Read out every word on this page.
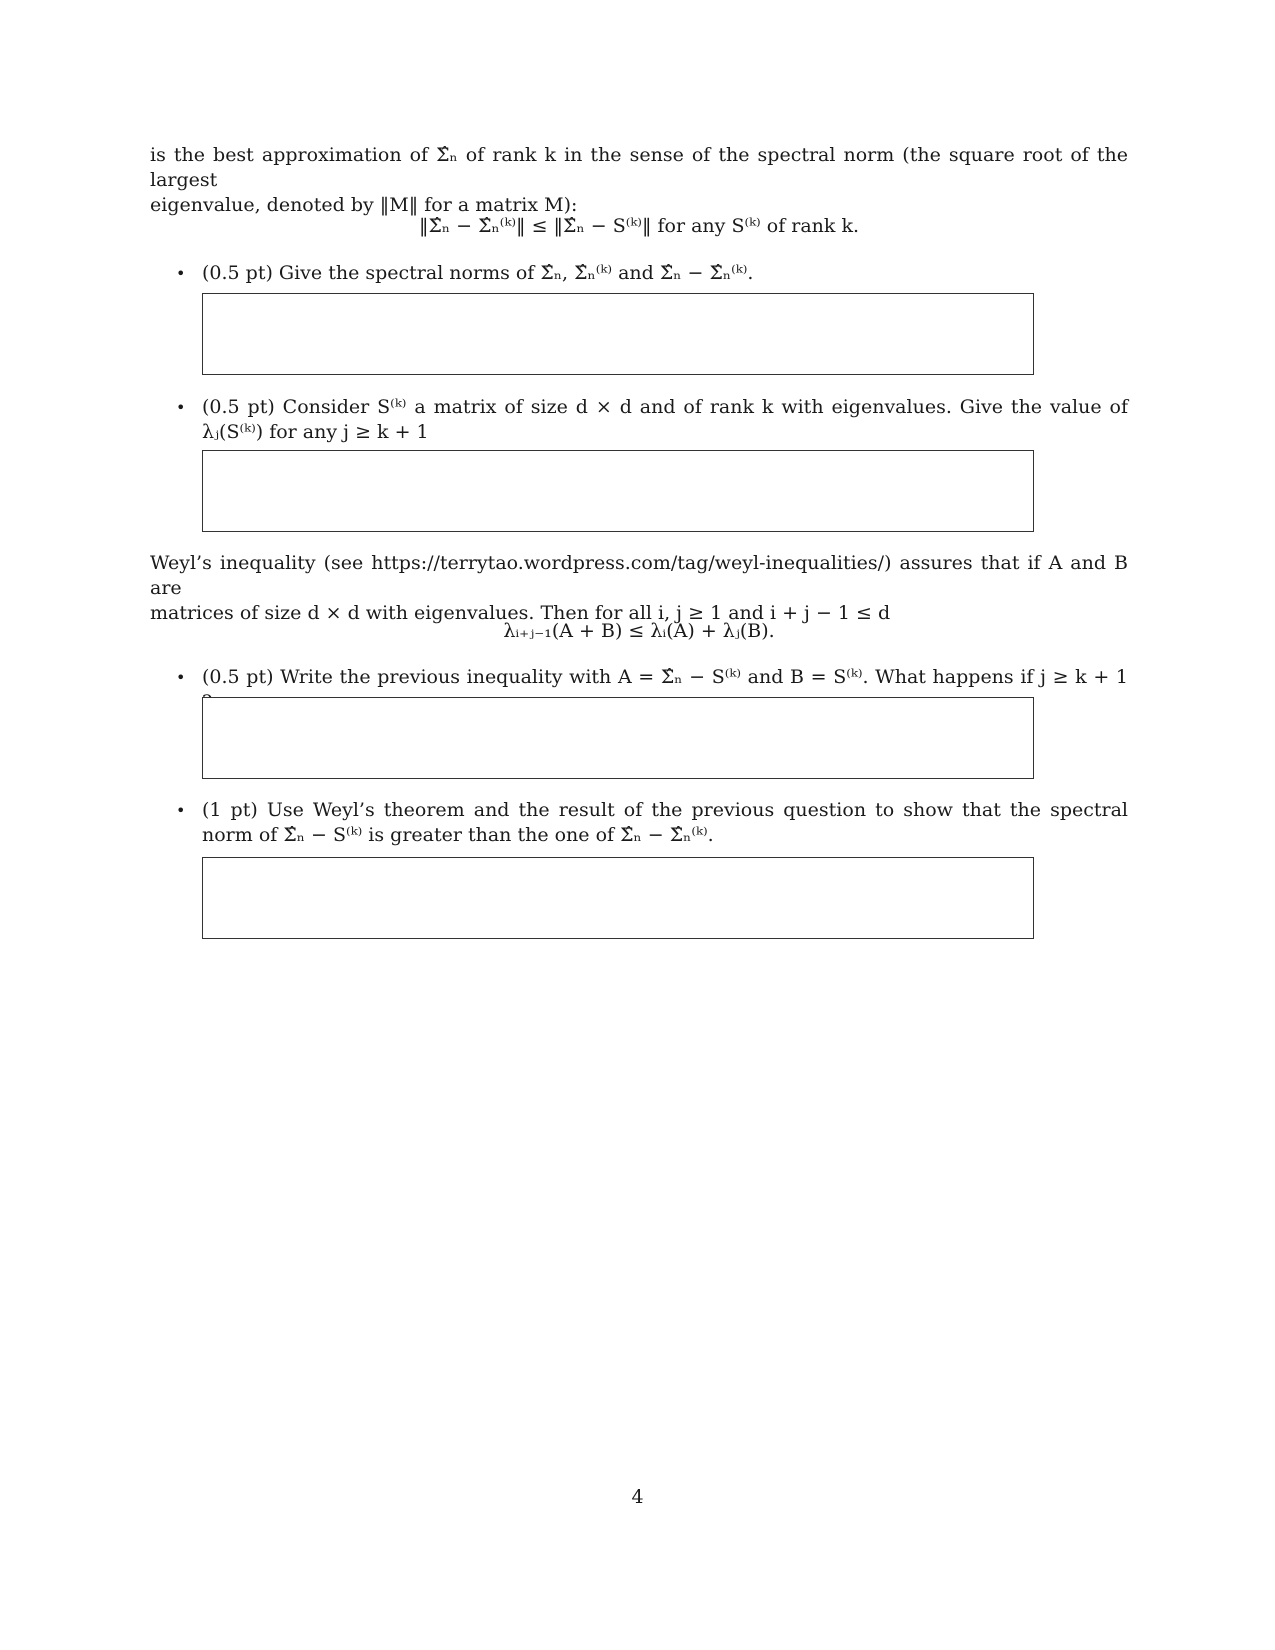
is the best approximation of Σ̂ₙ of rank k in the sense of the spectral norm (the square root of the largest

eigenvalue, denoted by ‖M‖ for a matrix M):

‖Σ̂ₙ − Σ̂ₙ⁽ᵏ⁾‖ ≤ ‖Σ̂ₙ − S⁽ᵏ⁾‖ for any S⁽ᵏ⁾ of rank k.
• (0.5 pt) Give the spectral norms of Σ̂ₙ, Σ̂ₙ⁽ᵏ⁾ and Σ̂ₙ − Σ̂ₙ⁽ᵏ⁾.
• (0.5 pt) Consider S⁽ᵏ⁾ a matrix of size d × d and of rank k with eigenvalues. Give the value of λⱼ(S⁽ᵏ⁾) for any j ≥ k + 1

Weyl’s inequality (see https://terrytao.wordpress.com/tag/weyl-inequalities/) assures that if A and B are

matrices of size d × d with eigenvalues. Then for all i, j ≥ 1 and i + j − 1 ≤ d

λᵢ₊ⱼ₋₁(A + B) ≤ λᵢ(A) + λⱼ(B).
• (0.5 pt) Write the previous inequality with A = Σ̂ₙ − S⁽ᵏ⁾ and B = S⁽ᵏ⁾. What happens if j ≥ k + 1
• (1 pt) Use Weyl’s theorem and the result of the previous question to show that the spectral norm of Σ̂ₙ − S⁽ᵏ⁾ is greater than the one of Σ̂ₙ − Σ̂ₙ⁽ᵏ⁾.
4
